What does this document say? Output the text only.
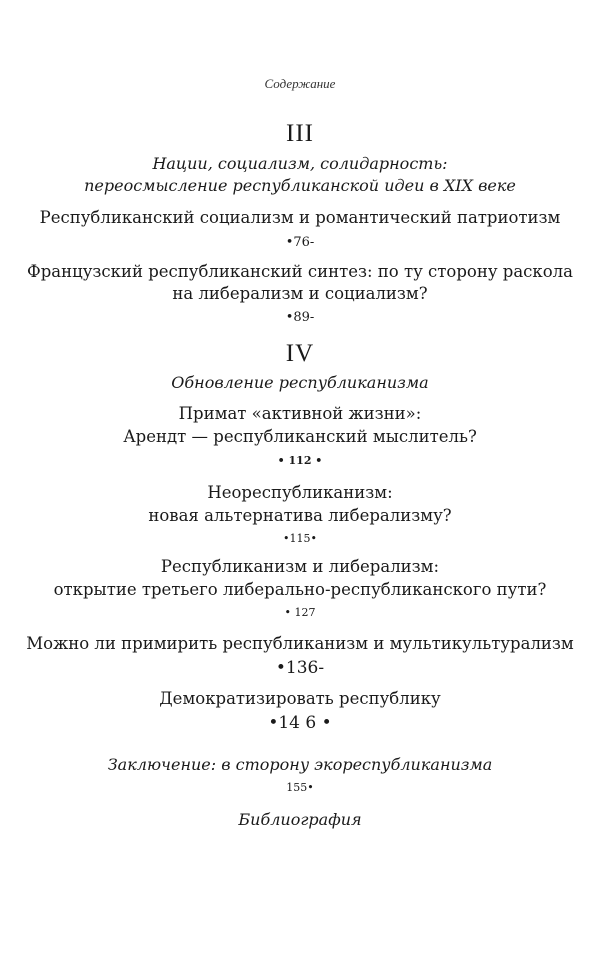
Содержание
III
Нации, социализм, солидарность:
переосмысление республиканской идеи в XIX веке
Республиканский социализм и романтический патриотизм
•76-
Французский республиканский синтез: по ту сторону раскола
на либерализм и социализм?
•89-
IV
Обновление республиканизма
Примат «активной жизни»:
Арендт — республиканский мыслитель?
• 112 •
Неореспубликанизм:
новая альтернатива либерализму?
•115•
Республиканизм и либерализм:
открытие третьего либерально-республиканского пути?
• 127
Можно ли примирить республиканизм и мультикультурализм
•136-
Демократизировать республику
•14 6 •
Заключение: в сторону экореспубликанизма
155•
Библиография
